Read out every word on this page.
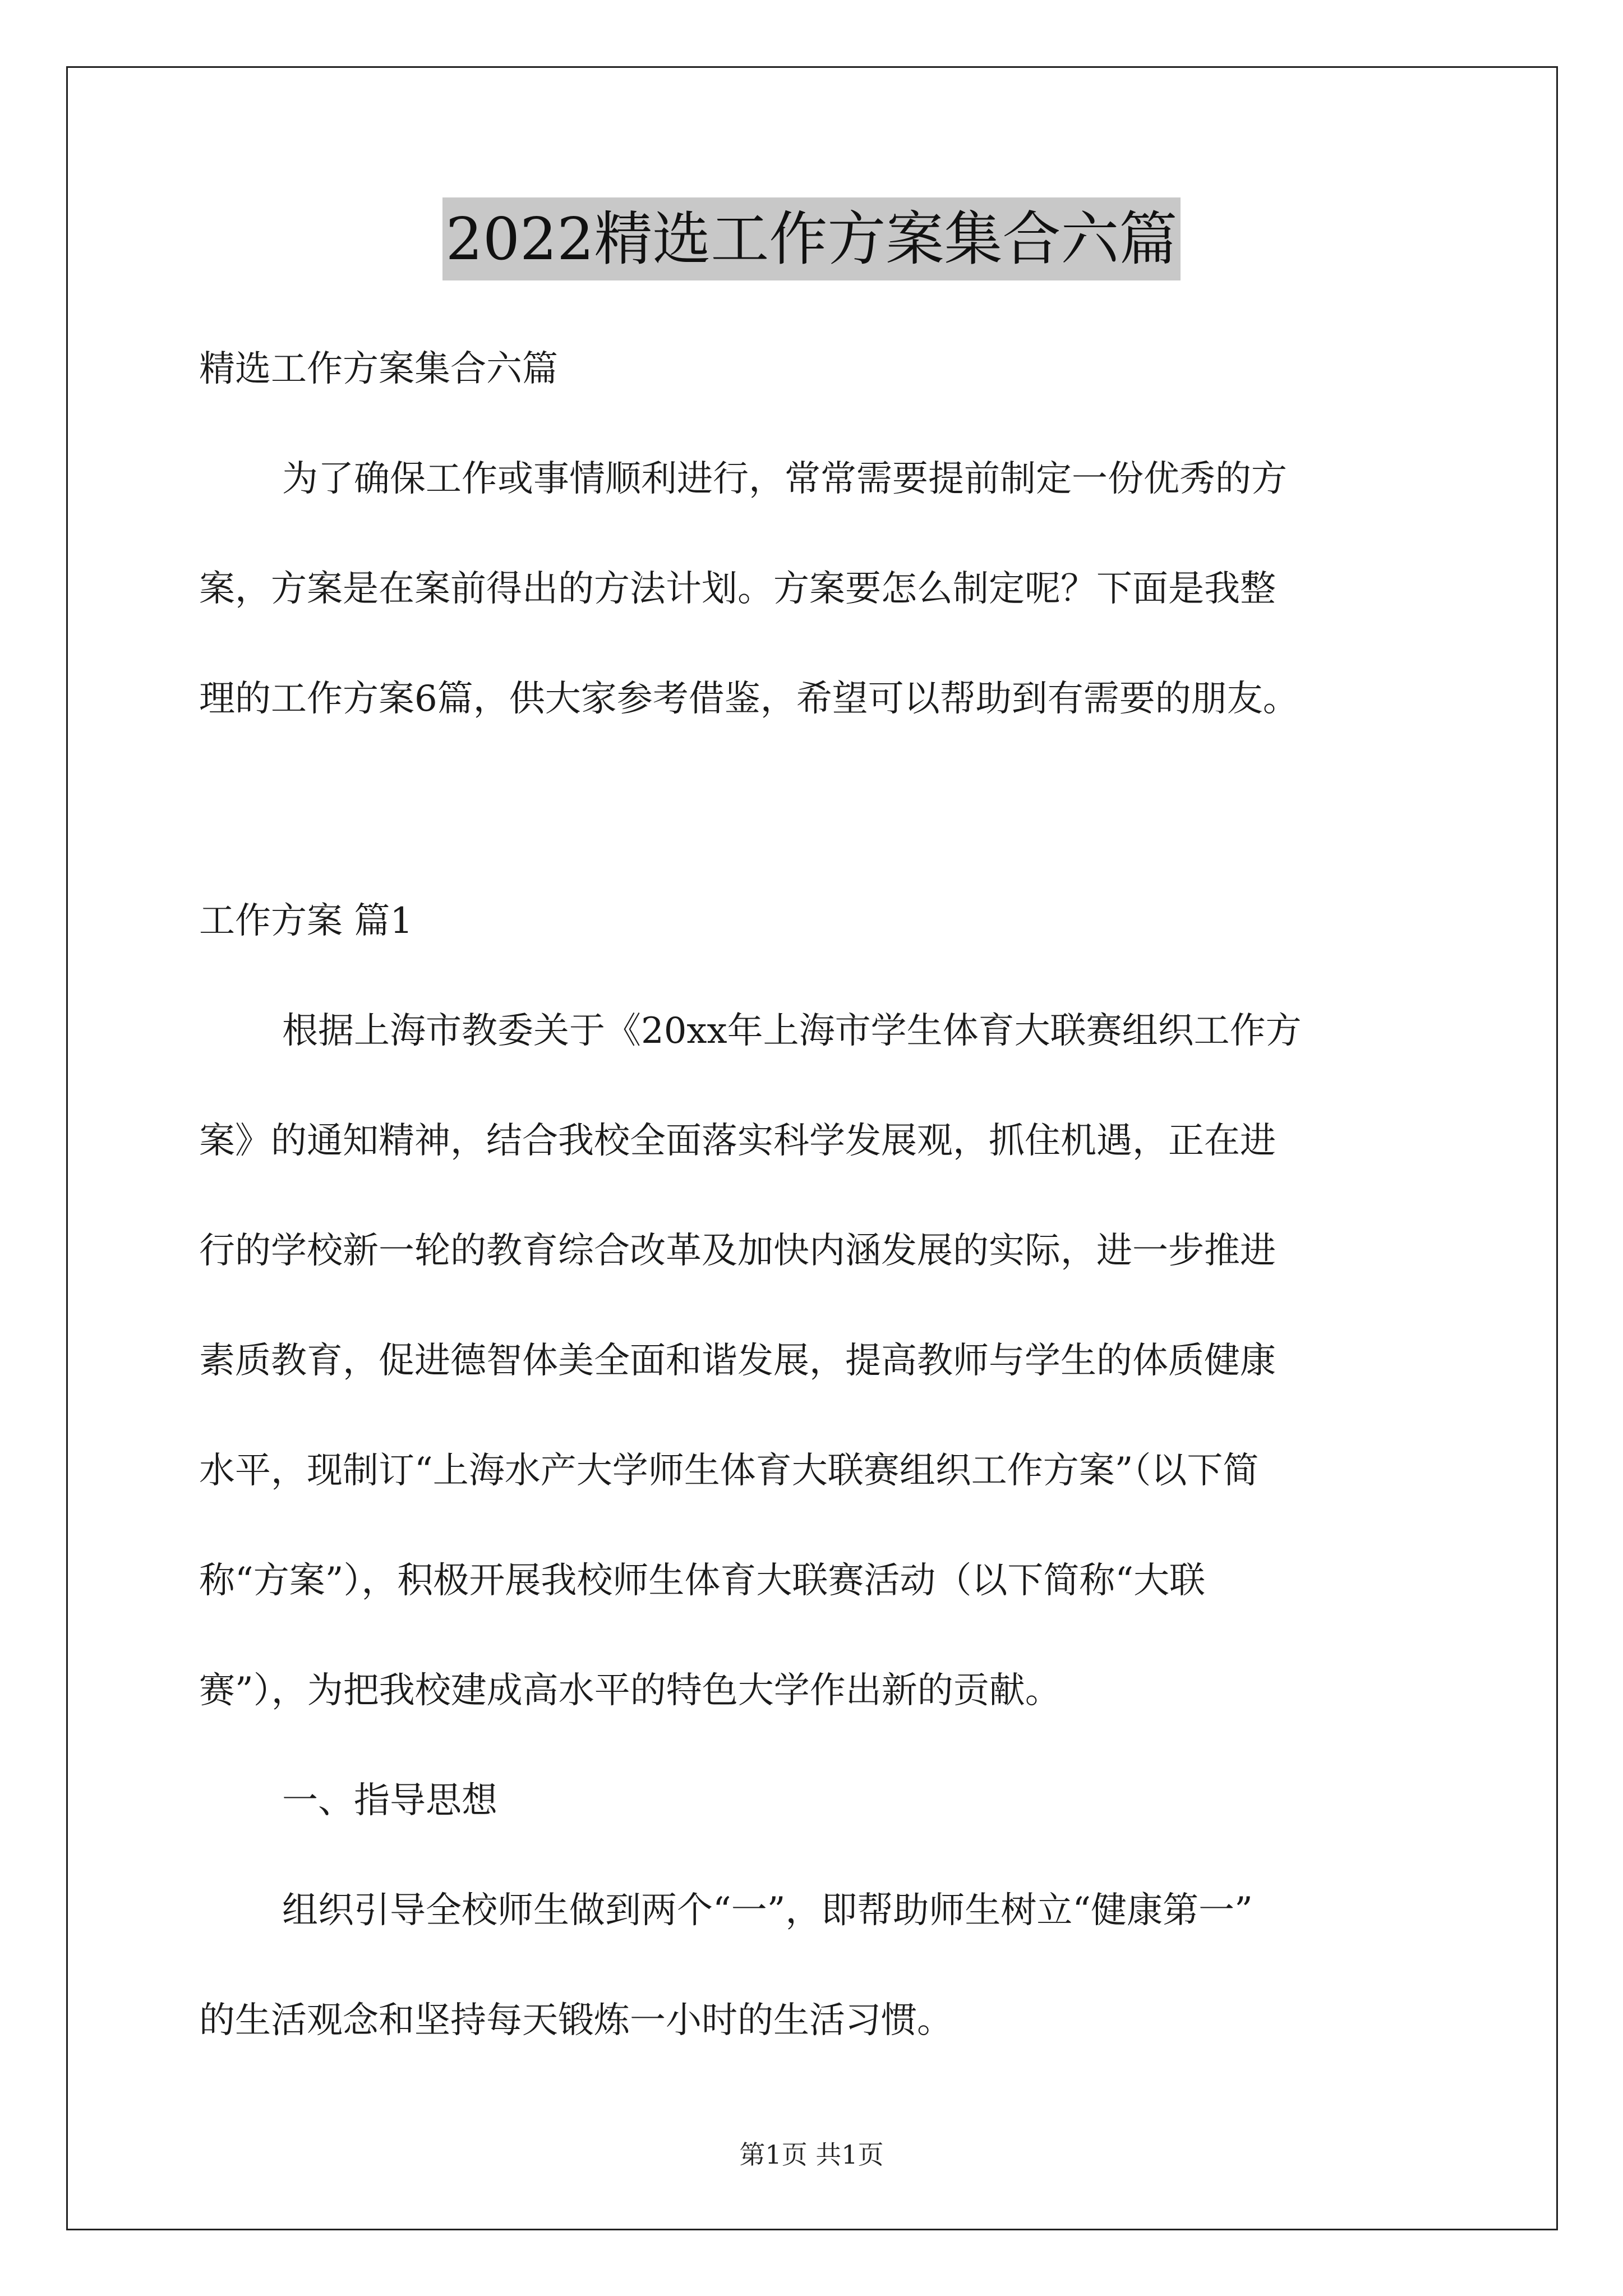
2022精选工作方案集合六篇
精选工作方案集合六篇
为了确保工作或事情顺利进行，常常需要提前制定一份优秀的方
案，方案是在案前得出的方法计划。方案要怎么制定呢？下面是我整
理的工作方案6篇，供大家参考借鉴，希望可以帮助到有需要的朋友。
工作方案 篇1
根据上海市教委关于《20xx年上海市学生体育大联赛组织工作方
案》的通知精神，结合我校全面落实科学发展观，抓住机遇，正在进
行的学校新一轮的教育综合改革及加快内涵发展的实际，进一步推进
素质教育，促进德智体美全面和谐发展，提高教师与学生的体质健康
水平，现制订“上海水产大学师生体育大联赛组织工作方案”（以下简
称“方案”），积极开展我校师生体育大联赛活动（以下简称“大联
赛”），为把我校建成高水平的特色大学作出新的贡献。
一、指导思想
组织引导全校师生做到两个“一”，即帮助师生树立“健康第一”
的生活观念和坚持每天锻炼一小时的生活习惯。
第1页 共1页
